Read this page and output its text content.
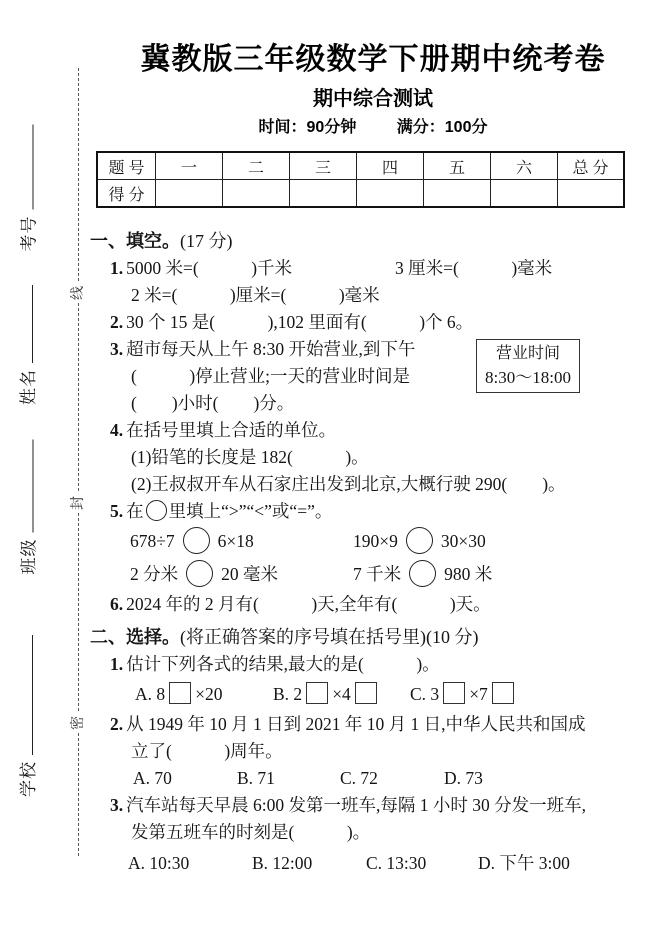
线
封
密
考号
姓名
班级
学校
冀教版三年级数学下册期中统考卷
期中综合测试
时间：90分钟	满分：100分
题 号	一	二	三	四	五	六	总 分
得 分							
一、填空。(17 分)
1. 5000 米=(　　　)千米	3 厘米=(　　　)毫米
2 米=(　　　)厘米=(　　　)毫米
2. 30 个 15 是(　　　),102 里面有(　　　)个 6。
3. 超市每天从上午 8:30 开始营业,到下午
(　　　)停止营业;一天的营业时间是
(　　)小时(　　)分。
营业时间
8:30～18:00
4. 在括号里填上合适的单位。
(1)铅笔的长度是 182(　　　)。
(2)王叔叔开车从石家庄出发到北京,大概行驶 290(　　)。
5. 在 里填上“>”“<”或“=”。
678÷7 6×18	190×9 30×30
2 分米 20 毫米	7 千米 980 米
6. 2024 年的 2 月有(　　　)天,全年有(　　　)天。
二、选择。(将正确答案的序号填在括号里)(10 分)
1. 估计下列各式的结果,最大的是(　　　)。
A. 8 ×20	B. 2 ×4	C. 3 ×7
2. 从 1949 年 10 月 1 日到 2021 年 10 月 1 日,中华人民共和国成
立了(　　　)周年。
A. 70	B. 71	C. 72	D. 73
3. 汽车站每天早晨 6:00 发第一班车,每隔 1 小时 30 分发一班车,
发第五班车的时刻是(　　　)。
A. 10:30	B. 12:00	C. 13:30	D. 下午 3:00
